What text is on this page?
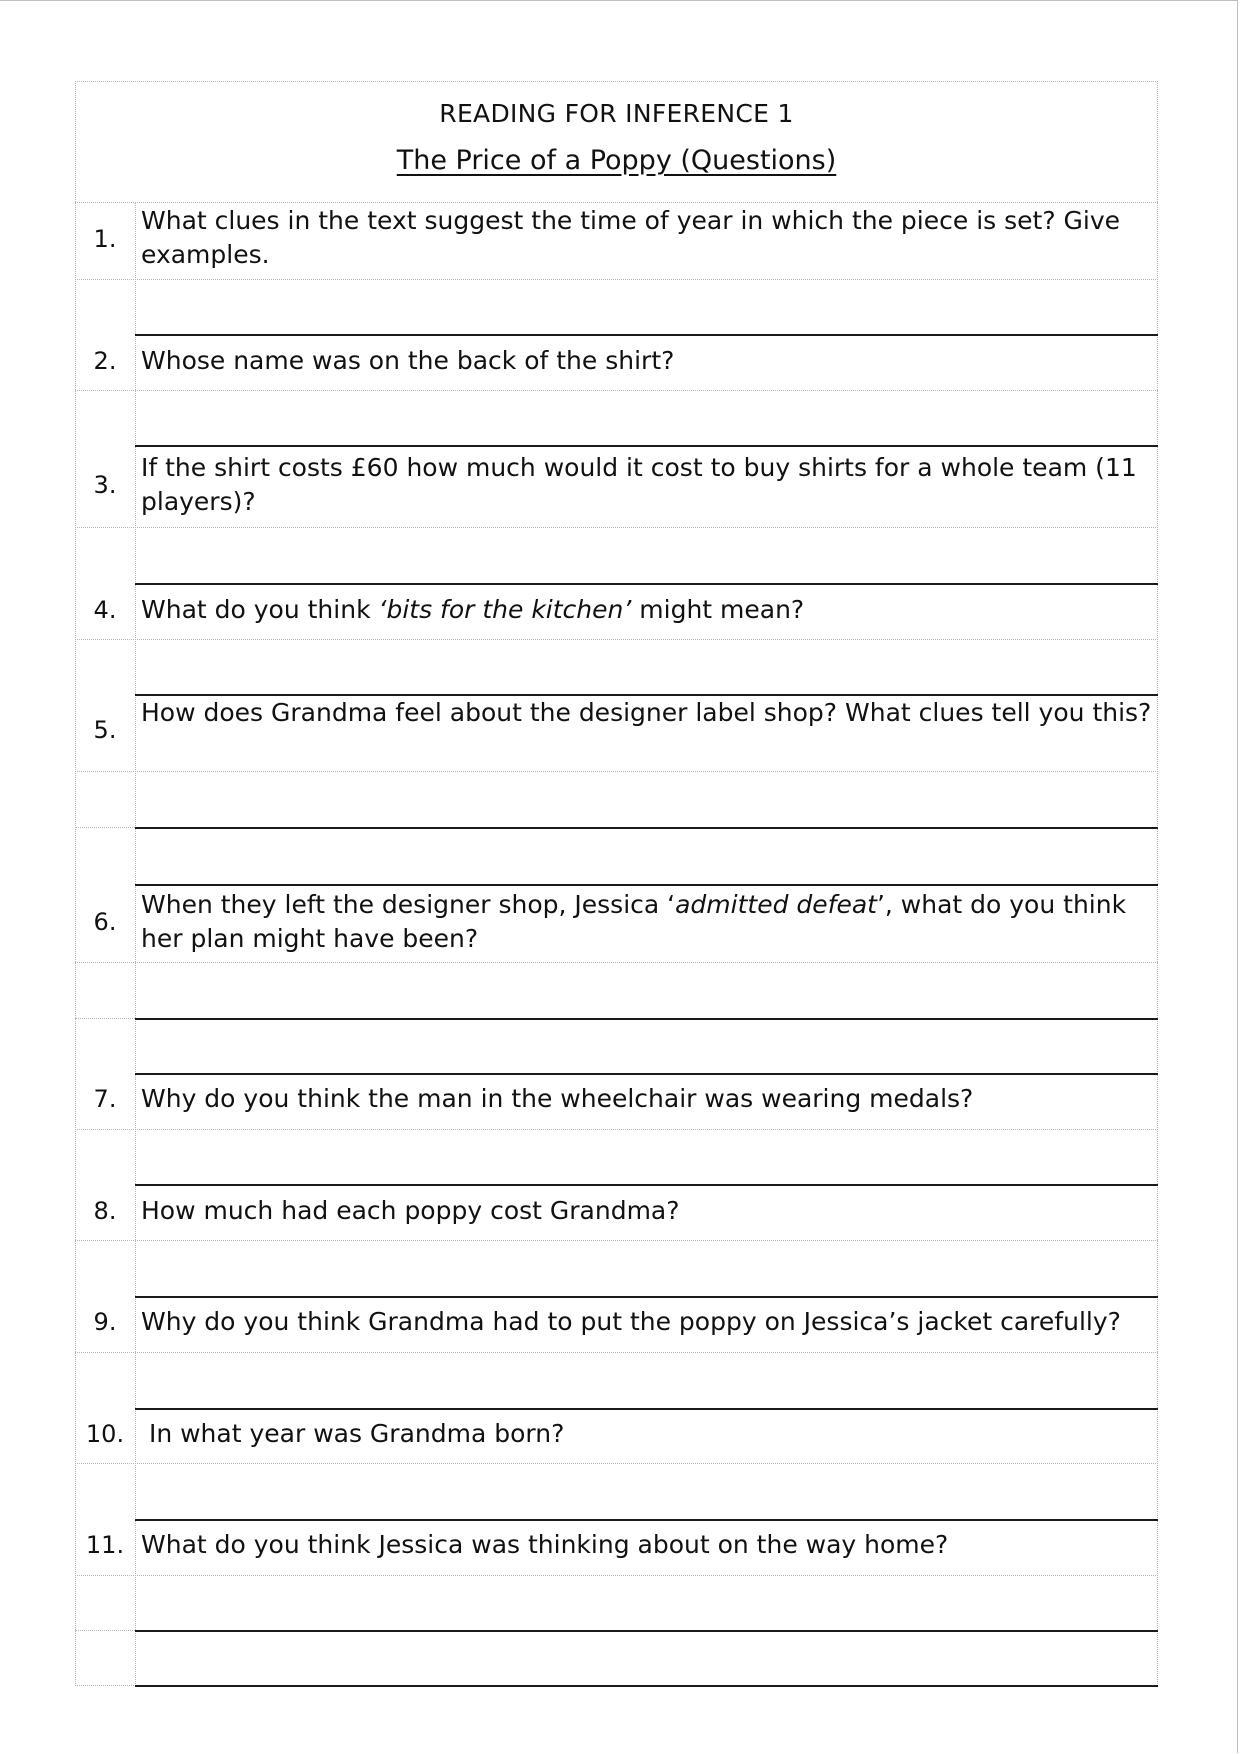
READING FOR INFERENCE 1
The Price of a Poppy (Questions)
1.
What clues in the text suggest the time of year in which the piece is set? Give examples.
2. Whose name was on the back of the shirt?
3.
If the shirt costs £60 how much would it cost to buy shirts for a whole team (11 players)?
4. What do you think ‘bits for the kitchen’ might mean?
5.
How does Grandma feel about the designer label shop? What clues tell you this?
6.
When they left the designer shop, Jessica ‘admitted defeat’, what do you think her plan might have been?
7. Why do you think the man in the wheelchair was wearing medals?
8. How much had each poppy cost Grandma?
9. Why do you think Grandma had to put the poppy on Jessica’s jacket carefully?
10. In what year was Grandma born?
11. What do you think Jessica was thinking about on the way home?
